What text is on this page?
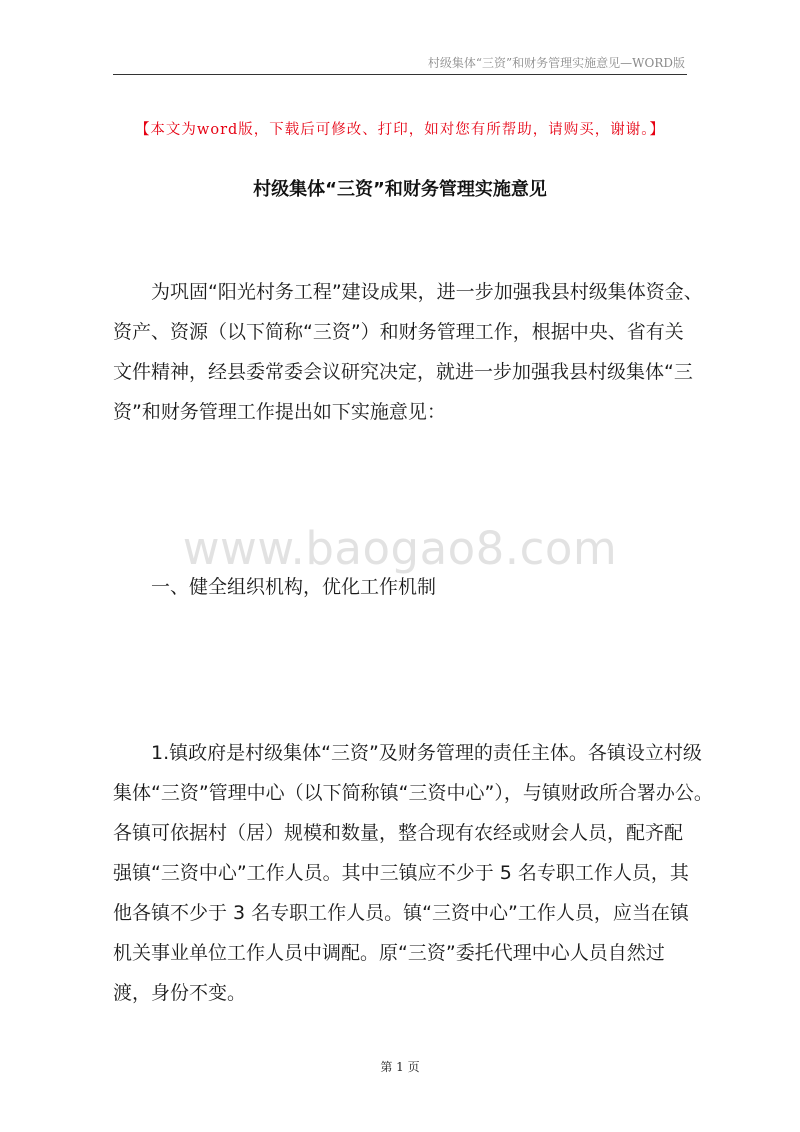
村级集体“三资”和财务管理实施意见—WORD版
【本文为word版，下载后可修改、打印，如对您有所帮助，请购买，谢谢。】
村级集体“三资”和财务管理实施意见
为巩固“阳光村务工程”建设成果，进一步加强我县村级集体资金、
资产、资源（以下简称“三资”）和财务管理工作，根据中央、省有关
文件精神，经县委常委会议研究决定，就进一步加强我县村级集体“三
资”和财务管理工作提出如下实施意见：
www.baogao8.com
一、健全组织机构，优化工作机制
1.镇政府是村级集体“三资”及财务管理的责任主体。各镇设立村级
集体“三资”管理中心（以下简称镇“三资中心”），与镇财政所合署办公。
各镇可依据村（居）规模和数量，整合现有农经或财会人员，配齐配
强镇“三资中心”工作人员。其中三镇应不少于 5 名专职工作人员，其
他各镇不少于 3 名专职工作人员。镇“三资中心”工作人员，应当在镇
机关事业单位工作人员中调配。原“三资”委托代理中心人员自然过
渡，身份不变。
第 1 页
